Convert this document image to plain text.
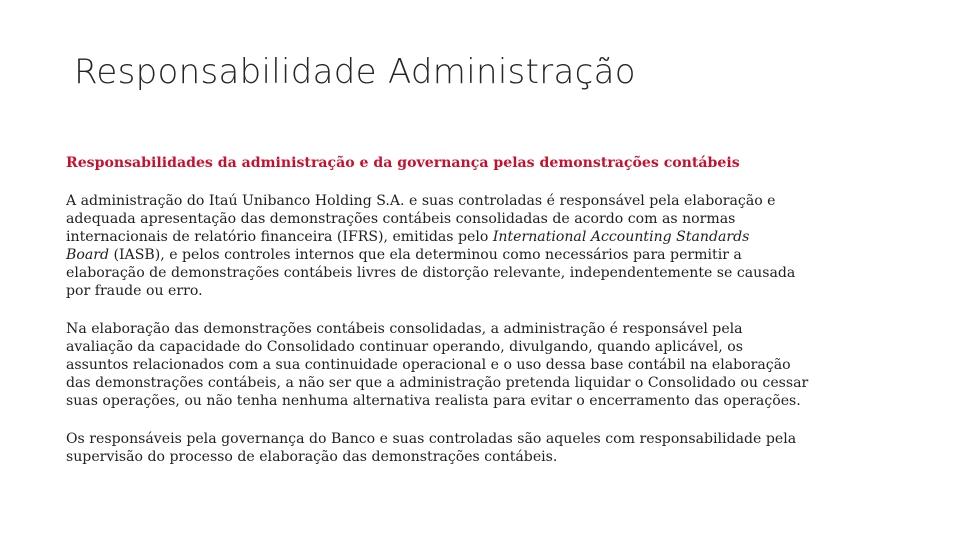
Responsabilidade Administração
Responsabilidades da administração e da governança pelas demonstrações contábeis
A administração do Itaú Unibanco Holding S.A. e suas controladas é responsável pela elaboração e
adequada apresentação das demonstrações contábeis consolidadas de acordo com as normas
internacionais de relatório financeira (IFRS), emitidas pelo International Accounting Standards
Board (IASB), e pelos controles internos que ela determinou como necessários para permitir a
elaboração de demonstrações contábeis livres de distorção relevante, independentemente se causada
por fraude ou erro.
Na elaboração das demonstrações contábeis consolidadas, a administração é responsável pela
avaliação da capacidade do Consolidado continuar operando, divulgando, quando aplicável, os
assuntos relacionados com a sua continuidade operacional e o uso dessa base contábil na elaboração
das demonstrações contábeis, a não ser que a administração pretenda liquidar o Consolidado ou cessar
suas operações, ou não tenha nenhuma alternativa realista para evitar o encerramento das operações.
Os responsáveis pela governança do Banco e suas controladas são aqueles com responsabilidade pela
supervisão do processo de elaboração das demonstrações contábeis.
